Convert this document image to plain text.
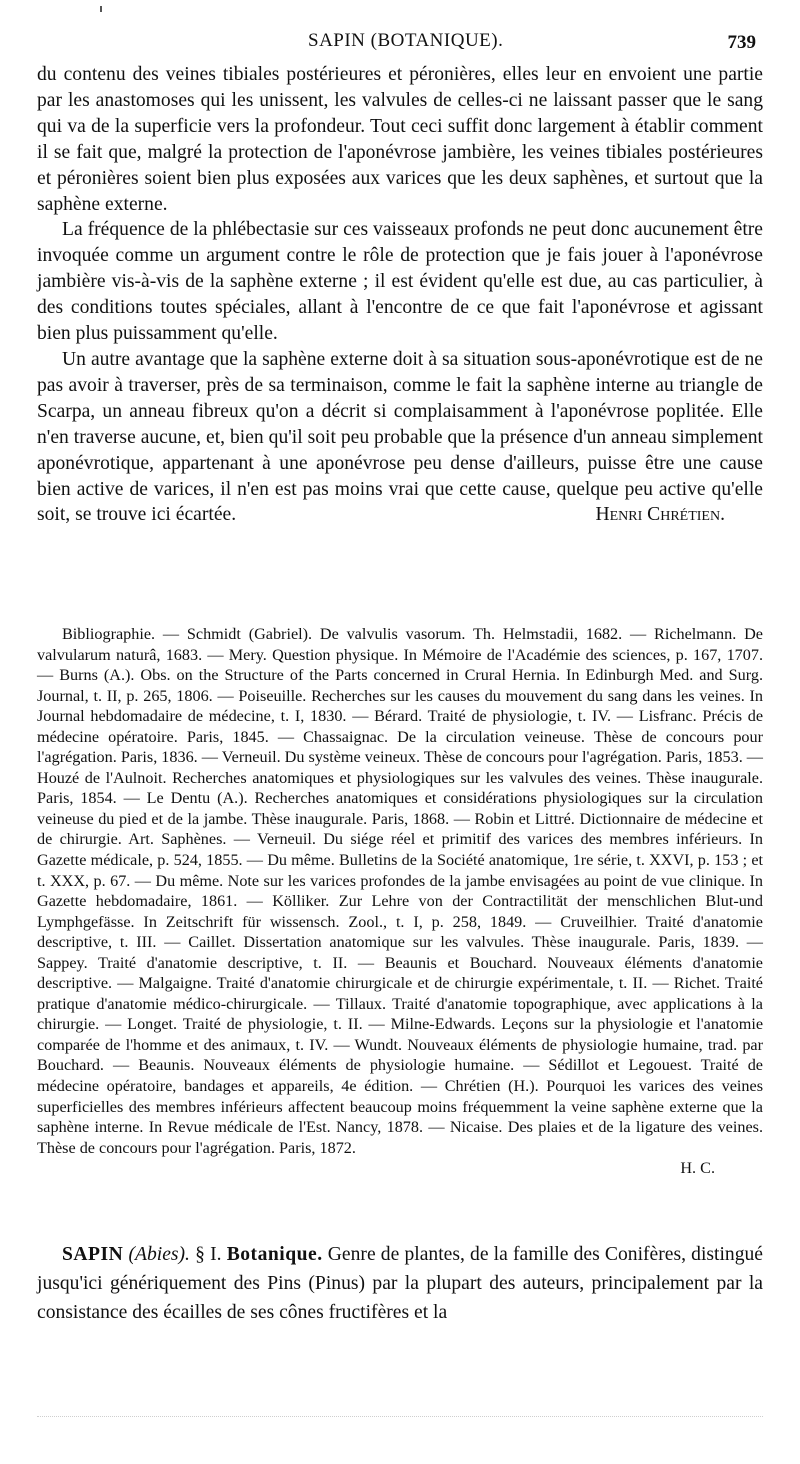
SAPIN (BOTANIQUE).	739

du contenu des veines tibiales postérieures et péronières, elles leur en envoient une partie par les anastomoses qui les unissent, les valvules de celles-ci ne laissant passer que le sang qui va de la superficie vers la profondeur. Tout ceci suffit donc largement à établir comment il se fait que, malgré la protection de l'aponévrose jambière, les veines tibiales postérieures et péronières soient bien plus exposées aux varices que les deux saphènes, et surtout que la saphène externe.

La fréquence de la phlébectasie sur ces vaisseaux profonds ne peut donc aucunement être invoquée comme un argument contre le rôle de protection que je fais jouer à l'aponévrose jambière vis-à-vis de la saphène externe ; il est évident qu'elle est due, au cas particulier, à des conditions toutes spéciales, allant à l'encontre de ce que fait l'aponévrose et agissant bien plus puissamment qu'elle.

Un autre avantage que la saphène externe doit à sa situation sous-aponévrotique est de ne pas avoir à traverser, près de sa terminaison, comme le fait la saphène interne au triangle de Scarpa, un anneau fibreux qu'on a décrit si complaisamment à l'aponévrose poplitée. Elle n'en traverse aucune, et, bien qu'il soit peu probable que la présence d'un anneau simplement aponévrotique, appartenant à une aponévrose peu dense d'ailleurs, puisse être une cause bien active de varices, il n'en est pas moins vrai que cette cause, quelque peu active qu'elle soit, se trouve ici écartée.	Henri Chrétien.

Bibliographie. — Schmidt (Gabriel). De valvulis vasorum. Th. Helmstadii, 1682. — Richelmann. De valvularum naturâ, 1683. — Mery. Question physique. In Mémoire de l'Académie des sciences, p. 167, 1707. — Burns (A.). Obs. on the Structure of the Parts concerned in Crural Hernia. In Edinburgh Med. and Surg. Journal, t. II, p. 265, 1806. — Poiseuille. Recherches sur les causes du mouvement du sang dans les veines. In Journal hebdomadaire de médecine, t. I, 1830. — Bérard. Traité de physiologie, t. IV. — Lisfranc. Précis de médecine opératoire. Paris, 1845. — Chassaignac. De la circulation veineuse. Thèse de concours pour l'agrégation. Paris, 1836. — Verneuil. Du système veineux. Thèse de concours pour l'agrégation. Paris, 1853. — Houzé de l'Aulnoit. Recherches anatomiques et physiologiques sur les valvules des veines. Thèse inaugurale. Paris, 1854. — Le Dentu (A.). Recherches anatomiques et considérations physiologiques sur la circulation veineuse du pied et de la jambe. Thèse inaugurale. Paris, 1868. — Robin et Littré. Dictionnaire de médecine et de chirurgie. Art. Saphènes. — Verneuil. Du siége réel et primitif des varices des membres inférieurs. In Gazette médicale, p. 524, 1855. — Du même. Bulletins de la Société anatomique, 1re série, t. XXVI, p. 153 ; et t. XXX, p. 67. — Du même. Note sur les varices profondes de la jambe envisagées au point de vue clinique. In Gazette hebdomadaire, 1861. — Kölliker. Zur Lehre von der Contractilität der menschlichen Blut-und Lymphgefässe. In Zeitschrift für wissensch. Zool., t. I, p. 258, 1849. — Cruveilhier. Traité d'anatomie descriptive, t. III. — Caillet. Dissertation anatomique sur les valvules. Thèse inaugurale. Paris, 1839. — Sappey. Traité d'anatomie descriptive, t. II. — Beaunis et Bouchard. Nouveaux éléments d'anatomie descriptive. — Malgaigne. Traité d'anatomie chirurgicale et de chirurgie expérimentale, t. II. — Richet. Traité pratique d'anatomie médico-chirurgicale. — Tillaux. Traité d'anatomie topographique, avec applications à la chirurgie. — Longet. Traité de physiologie, t. II. — Milne-Edwards. Leçons sur la physiologie et l'anatomie comparée de l'homme et des animaux, t. IV. — Wundt. Nouveaux éléments de physiologie humaine, trad. par Bouchard. — Beaunis. Nouveaux éléments de physiologie humaine. — Sédillot et Legouest. Traité de médecine opératoire, bandages et appareils, 4e édition. — Chrétien (H.). Pourquoi les varices des veines superficielles des membres inférieurs affectent beaucoup moins fréquemment la veine saphène externe que la saphène interne. In Revue médicale de l'Est. Nancy, 1878. — Nicaise. Des plaies et de la ligature des veines. Thèse de concours pour l'agrégation. Paris, 1872.

H. C.

SAPIN (Abies). § I. Botanique. Genre de plantes, de la famille des Conifères, distingué jusqu'ici génériquement des Pins (Pinus) par la plupart des auteurs, principalement par la consistance des écailles de ses cônes fructifères et la
